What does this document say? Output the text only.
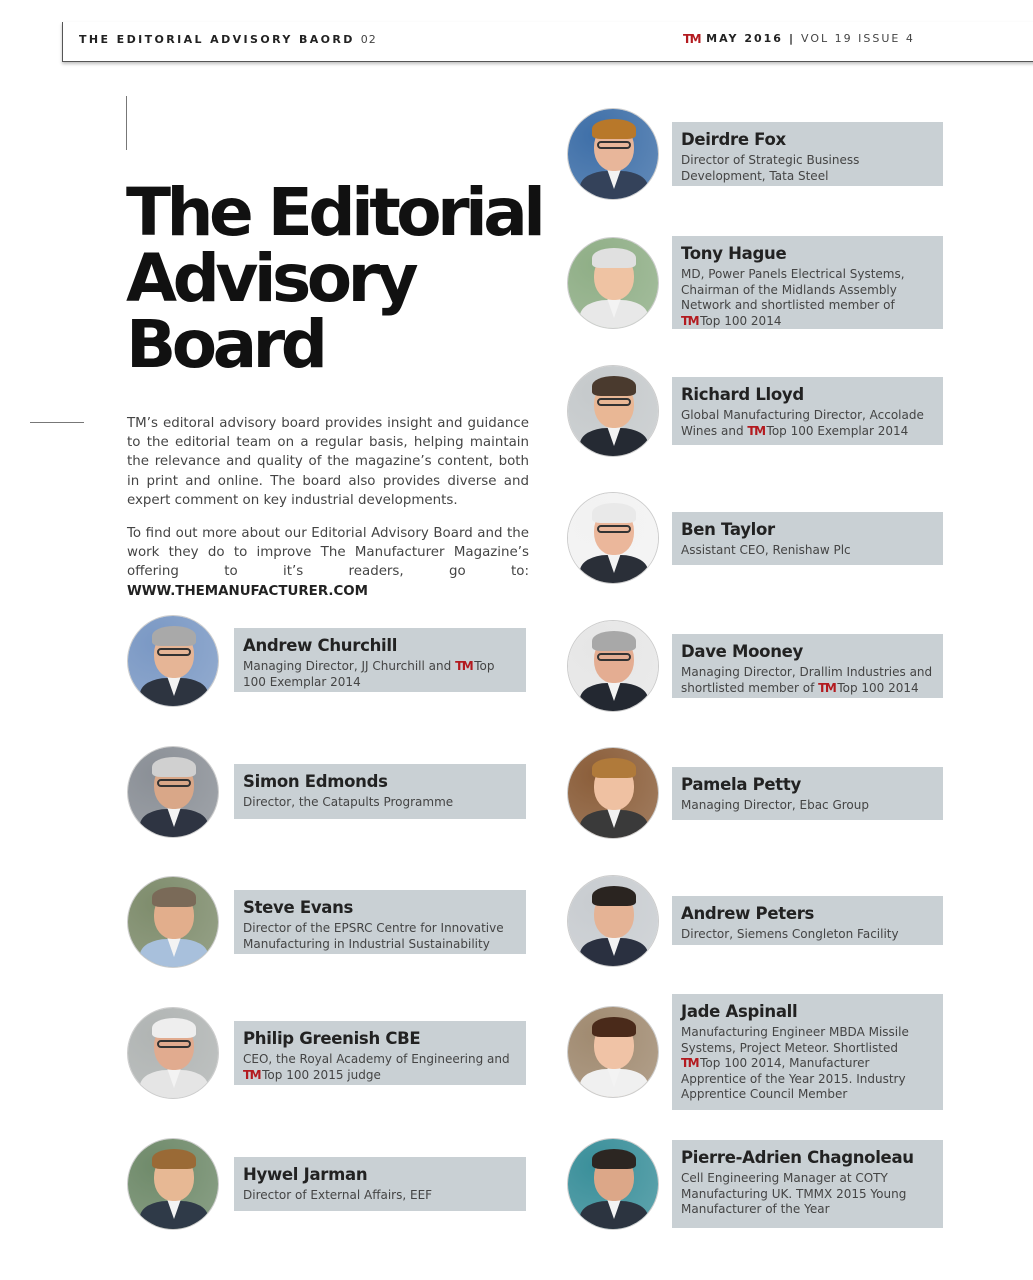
THE EDITORIAL ADVISORY BAORD 02	TM MAY 2016 | VOL 19 ISSUE 4
The Editorial
Advisory
Board

TM’s editoral advisory board provides insight and guidance to the editorial team on a regular basis, helping maintain the relevance and quality of the magazine’s content, both in print and online. The board also provides diverse and expert comment on key industrial developments.

To find out more about our Editorial Advisory Board and the work they do to improve The Manufacturer Magazine’s offering to it’s readers, go to: WWW.THEMANUFACTURER.COM

Andrew Churchill
Managing Director, JJ Churchill and TM Top 100 Exemplar 2014
Simon Edmonds
Director, the Catapults Programme
Steve Evans
Director of the EPSRC Centre for Innovative Manufacturing in Industrial Sustainability
Philip Greenish CBE
CEO, the Royal Academy of Engineering and TM Top 100 2015 judge
Hywel Jarman
Director of External Affairs, EEF
Deirdre Fox
Director of Strategic Business Development, Tata Steel
Tony Hague
MD, Power Panels Electrical Systems, Chairman of the Midlands Assembly Network and shortlisted member of TM Top 100 2014
Richard Lloyd
Global Manufacturing Director, Accolade Wines and TM Top 100 Exemplar 2014
Ben Taylor
Assistant CEO, Renishaw Plc
Dave Mooney
Managing Director, Drallim Industries and shortlisted member of TM Top 100 2014
Pamela Petty
Managing Director, Ebac Group
Andrew Peters
Director, Siemens Congleton Facility
Jade Aspinall
Manufacturing Engineer MBDA Missile Systems, Project Meteor. Shortlisted TM Top 100 2014, Manufacturer Apprentice of the Year 2015. Industry Apprentice Council Member
Pierre-Adrien Chagnoleau
Cell Engineering Manager at COTY Manufacturing UK. TMMX 2015 Young Manufacturer of the Year
